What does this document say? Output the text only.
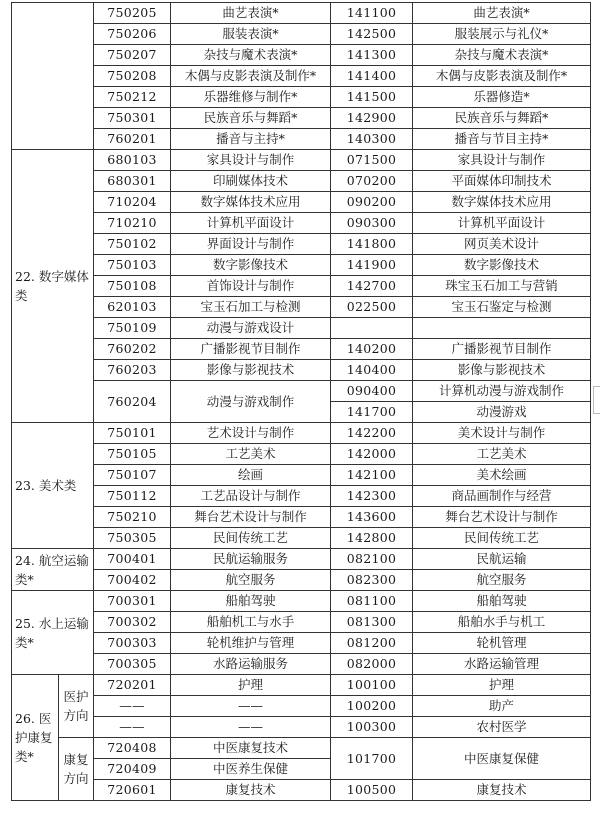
		750205	曲艺表演*	141100	曲艺表演*
		750206	服装表演*	142500	服装展示与礼仪*
		750207	杂技与魔术表演*	141300	杂技与魔术表演*
		750208	木偶与皮影表演及制作*	141400	木偶与皮影表演及制作*
		750212	乐器维修与制作*	141500	乐器修造*
		750301	民族音乐与舞蹈*	142900	民族音乐与舞蹈*
		760201	播音与主持*	140300	播音与节目主持*
22. 数字媒体类		680103	家具设计与制作	071500	家具设计与制作
		680301	印刷媒体技术	070200	平面媒体印制技术
		710204	数字媒体技术应用	090200	数字媒体技术应用
		710210	计算机平面设计	090300	计算机平面设计
		750102	界面设计与制作	141800	网页美术设计
		750103	数字影像技术	141900	数字影像技术
		750108	首饰设计与制作	142700	珠宝玉石加工与营销
		620103	宝玉石加工与检测	022500	宝玉石鉴定与检测
		750109	动漫与游戏设计		
		760202	广播影视节目制作	140200	广播影视节目制作
		760203	影像与影视技术	140400	影像与影视技术
		760204	动漫与游戏制作	090400	计算机动漫与游戏制作
				141700	动漫游戏
23. 美术类		750101	艺术设计与制作	142200	美术设计与制作
		750105	工艺美术	142000	工艺美术
		750107	绘画	142100	美术绘画
		750112	工艺品设计与制作	142300	商品画制作与经营
		750210	舞台艺术设计与制作	143600	舞台艺术设计与制作
		750305	民间传统工艺	142800	民间传统工艺
24. 航空运输类*		700401	民航运输服务	082100	民航运输
		700402	航空服务	082300	航空服务
25. 水上运输类*		700301	船舶驾驶	081100	船舶驾驶
		700302	船舶机工与水手	081300	船舶水手与机工
		700303	轮机维护与管理	081200	轮机管理
		700305	水路运输服务	082000	水路运输管理
26. 医护康复类*	医护方向	720201	护理	100100	护理
		——	——	100200	助产
		——	——	100300	农村医学
	康复方向	720408	中医康复技术	101700	中医康复保健
		720409	中医养生保健		
		720601	康复技术	100500	康复技术
